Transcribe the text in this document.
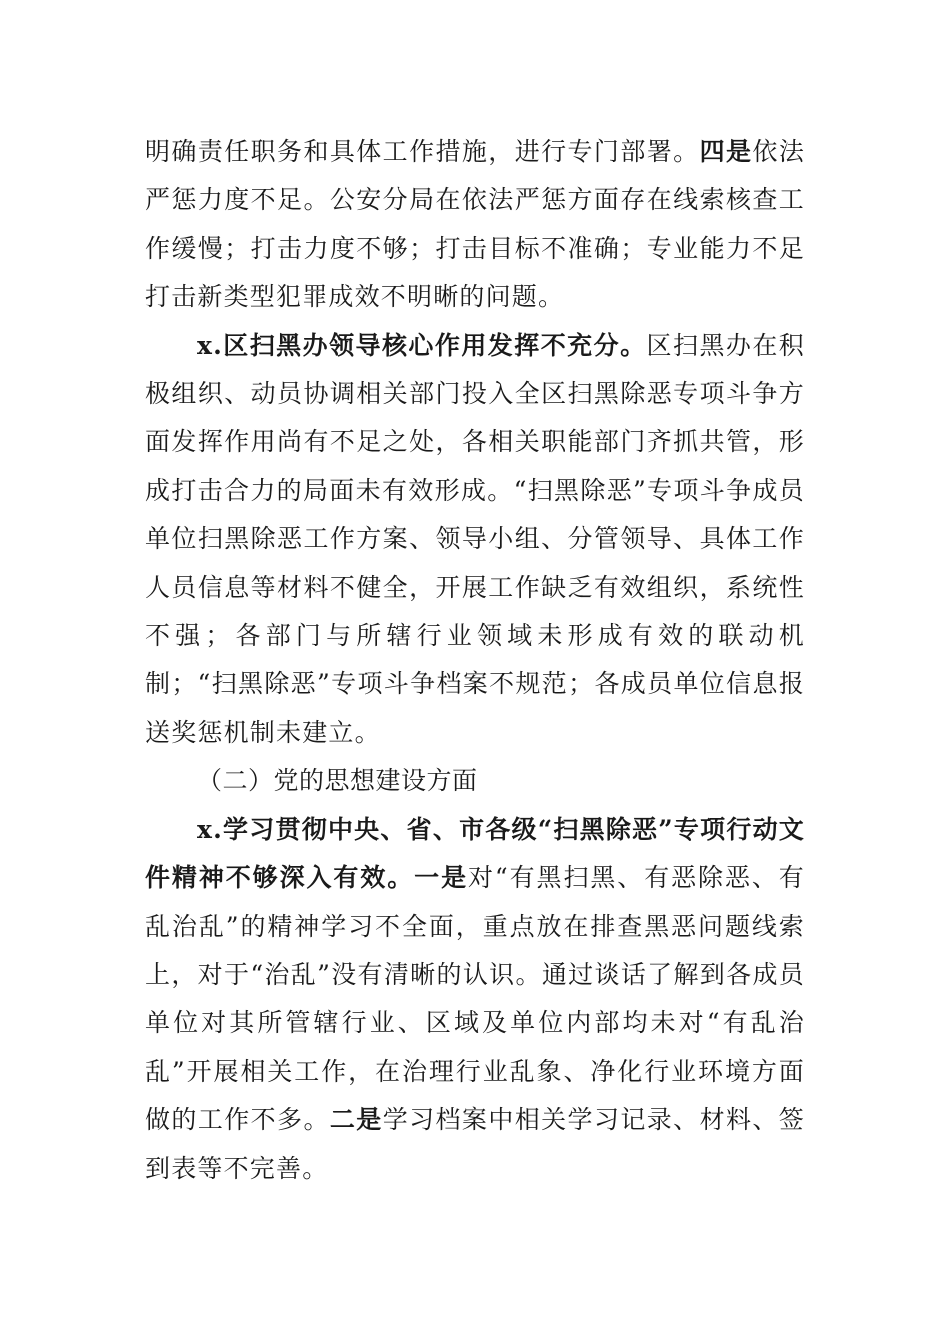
明确责任职务和具体工作措施，进行专门部署。四是依法严惩力度不足。公安分局在依法严惩方面存在线索核查工作缓慢；打击力度不够；打击目标不准确；专业能力不足打击新类型犯罪成效不明晰的问题。

x.区扫黑办领导核心作用发挥不充分。区扫黑办在积极组织、动员协调相关部门投入全区扫黑除恶专项斗争方面发挥作用尚有不足之处，各相关职能部门齐抓共管，形成打击合力的局面未有效形成。“扫黑除恶”专项斗争成员单位扫黑除恶工作方案、领导小组、分管领导、具体工作人员信息等材料不健全，开展工作缺乏有效组织，系统性不强；各部门与所辖行业领域未形成有效的联动机制；“扫黑除恶”专项斗争档案不规范；各成员单位信息报送奖惩机制未建立。

（二）党的思想建设方面

x.学习贯彻中央、省、市各级“扫黑除恶”专项行动文件精神不够深入有效。一是对“有黑扫黑、有恶除恶、有乱治乱”的精神学习不全面，重点放在排查黑恶问题线索上，对于“治乱”没有清晰的认识。通过谈话了解到各成员单位对其所管辖行业、区域及单位内部均未对“有乱治乱”开展相关工作，在治理行业乱象、净化行业环境方面做的工作不多。二是学习档案中相关学习记录、材料、签到表等不完善。
